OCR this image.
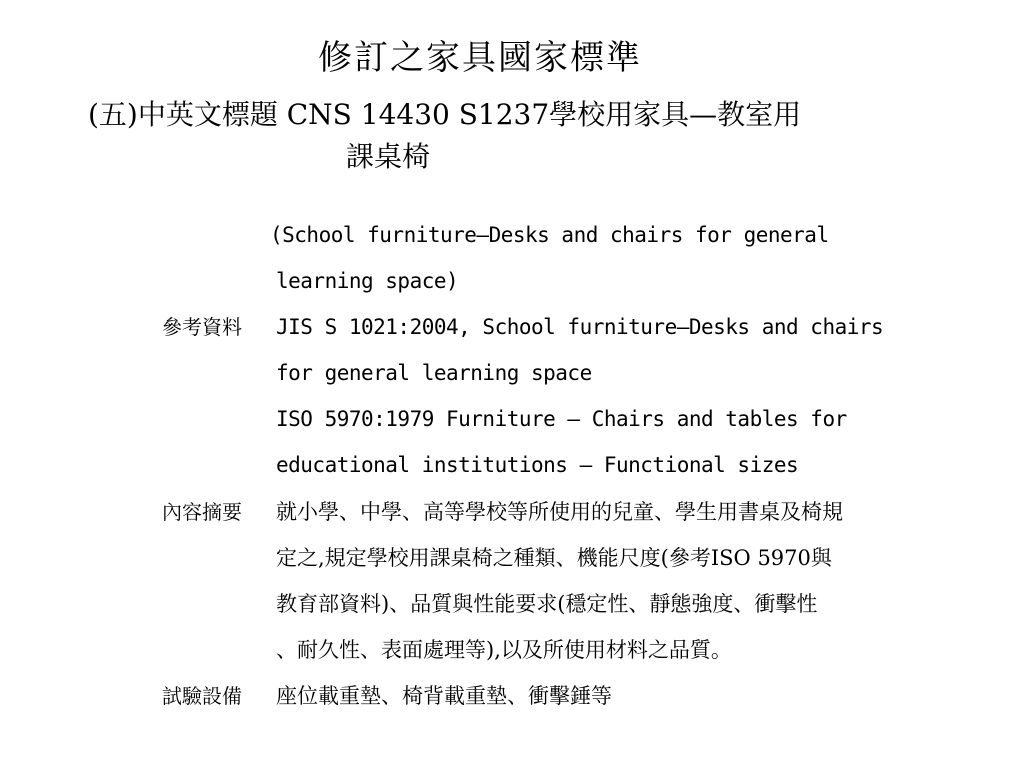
修訂之家具國家標準
(五)中英文標題 CNS 14430 S1237學校用家具—教室用
課桌椅
(School furniture—Desks and chairs for general
learning space)
參考資料 JIS S 1021:2004, School furniture—Desks and chairs
for general learning space
ISO 5970:1979 Furniture — Chairs and tables for
educational institutions — Functional sizes
內容摘要 就小學、中學、高等學校等所使用的兒童、學生用書桌及椅規
定之,規定學校用課桌椅之種類、機能尺度(參考ISO 5970與
教育部資料)、品質與性能要求(穩定性、靜態強度、衝擊性
、耐久性、表面處理等),以及所使用材料之品質。
試驗設備 座位載重墊、椅背載重墊、衝擊錘等
